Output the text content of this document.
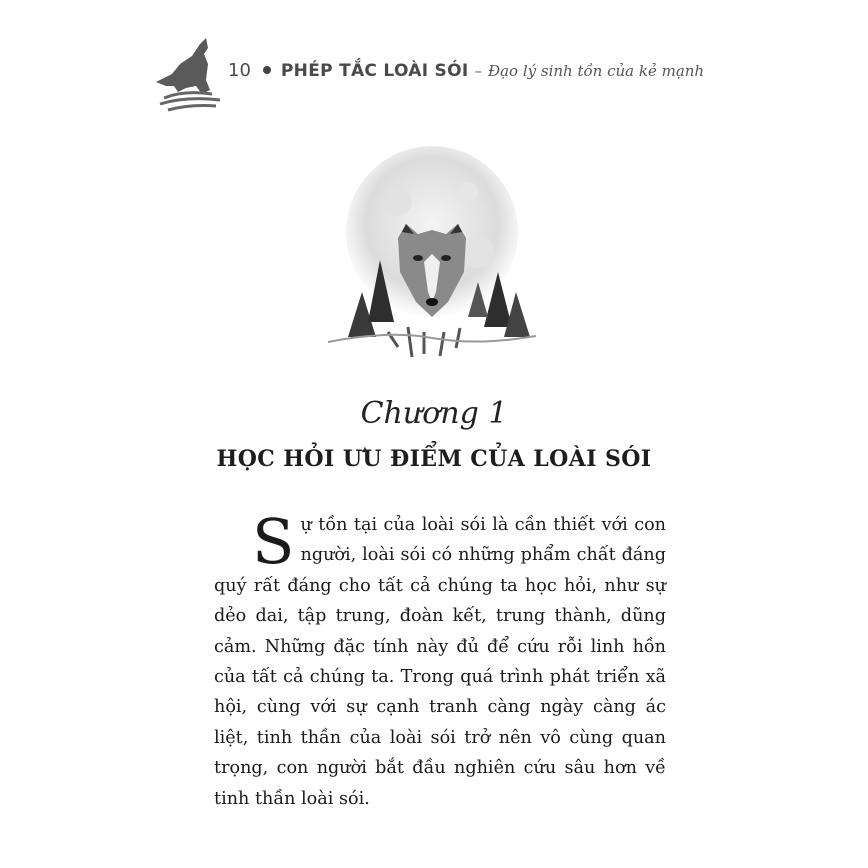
10 PHÉP TẮC LOÀI SÓI – Đạo lý sinh tồn của kẻ mạnh
Chương 1
HỌC HỎI ƯU ĐIỂM CỦA LOÀI SÓI
S ự tồn tại của loài sói là cần thiết với con người, loài sói có những phẩm chất đáng quý rất đáng cho tất cả chúng ta học hỏi, như sự dẻo dai, tập trung, đoàn kết, trung thành, dũng cảm. Những đặc tính này đủ để cứu rỗi linh hồn của tất cả chúng ta. Trong quá trình phát triển xã hội, cùng với sự cạnh tranh càng ngày càng ác liệt, tinh thần của loài sói trở nên vô cùng quan trọng, con người bắt đầu nghiên cứu sâu hơn về tinh thần loài sói.
